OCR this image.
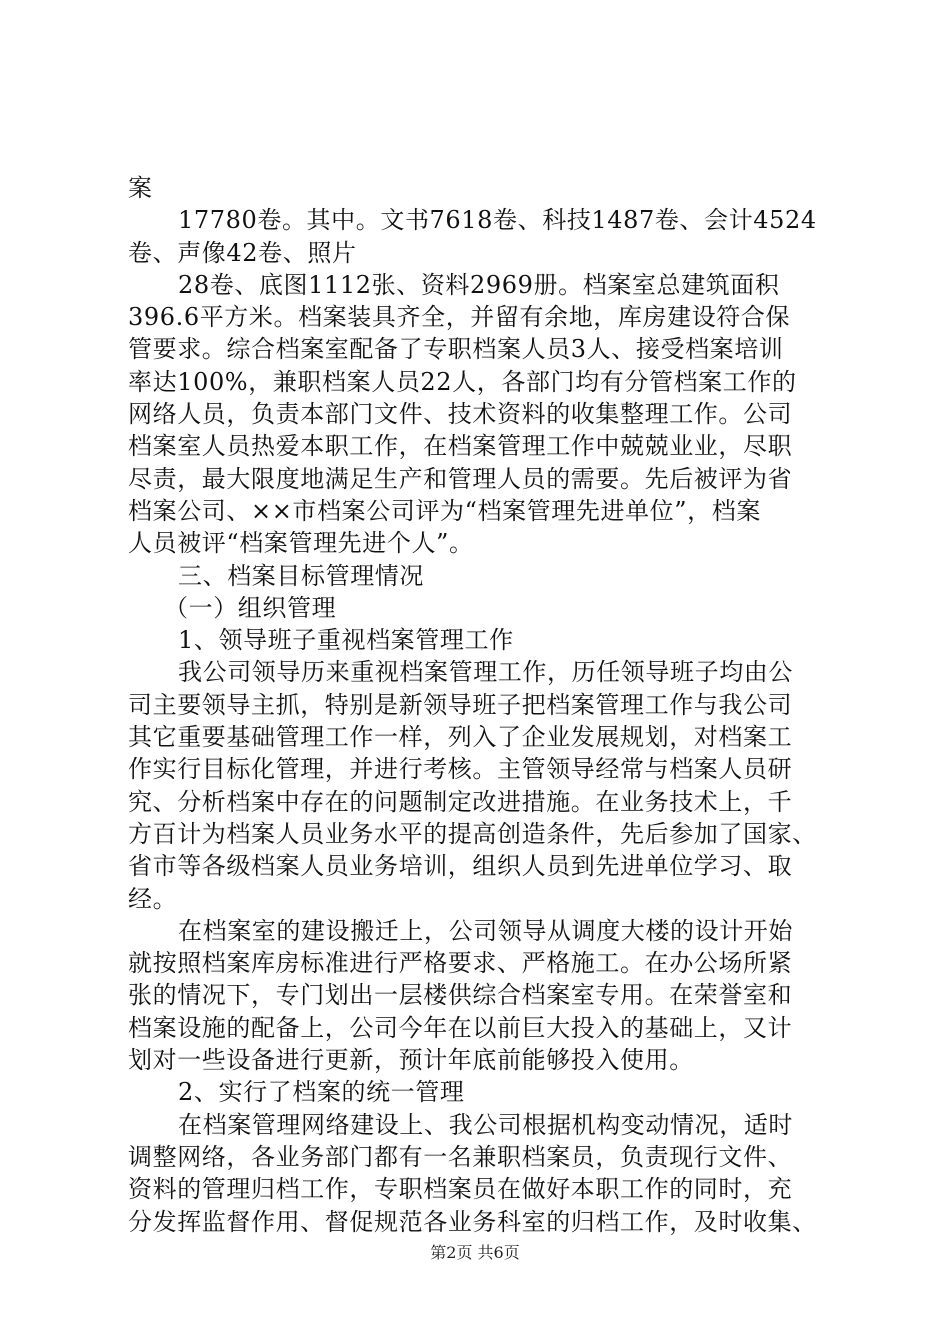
案
17780卷。其中。文书7618卷、科技1487卷、会计4524
卷、声像42卷、照片
28卷、底图1112张、资料2969册。档案室总建筑面积
396.6平方米。档案装具齐全，并留有余地，库房建设符合保
管要求。综合档案室配备了专职档案人员3人、接受档案培训
率达100%，兼职档案人员22人，各部门均有分管档案工作的
网络人员，负责本部门文件、技术资料的收集整理工作。公司
档案室人员热爱本职工作，在档案管理工作中兢兢业业，尽职
尽责，最大限度地满足生产和管理人员的需要。先后被评为省
档案公司、××市档案公司评为“档案管理先进单位”，档案
人员被评“档案管理先进个人”。
三、档案目标管理情况
（一）组织管理
1、领导班子重视档案管理工作
我公司领导历来重视档案管理工作，历任领导班子均由公
司主要领导主抓，特别是新领导班子把档案管理工作与我公司
其它重要基础管理工作一样，列入了企业发展规划，对档案工
作实行目标化管理，并进行考核。主管领导经常与档案人员研
究、分析档案中存在的问题制定改进措施。在业务技术上，千
方百计为档案人员业务水平的提高创造条件，先后参加了国家、
省市等各级档案人员业务培训，组织人员到先进单位学习、取
经。
在档案室的建设搬迁上，公司领导从调度大楼的设计开始
就按照档案库房标准进行严格要求、严格施工。在办公场所紧
张的情况下，专门划出一层楼供综合档案室专用。在荣誉室和
档案设施的配备上，公司今年在以前巨大投入的基础上，又计
划对一些设备进行更新，预计年底前能够投入使用。
2、实行了档案的统一管理
在档案管理网络建设上、我公司根据机构变动情况，适时
调整网络，各业务部门都有一名兼职档案员，负责现行文件、
资料的管理归档工作，专职档案员在做好本职工作的同时，充
分发挥监督作用、督促规范各业务科室的归档工作，及时收集、
第2页 共6页
